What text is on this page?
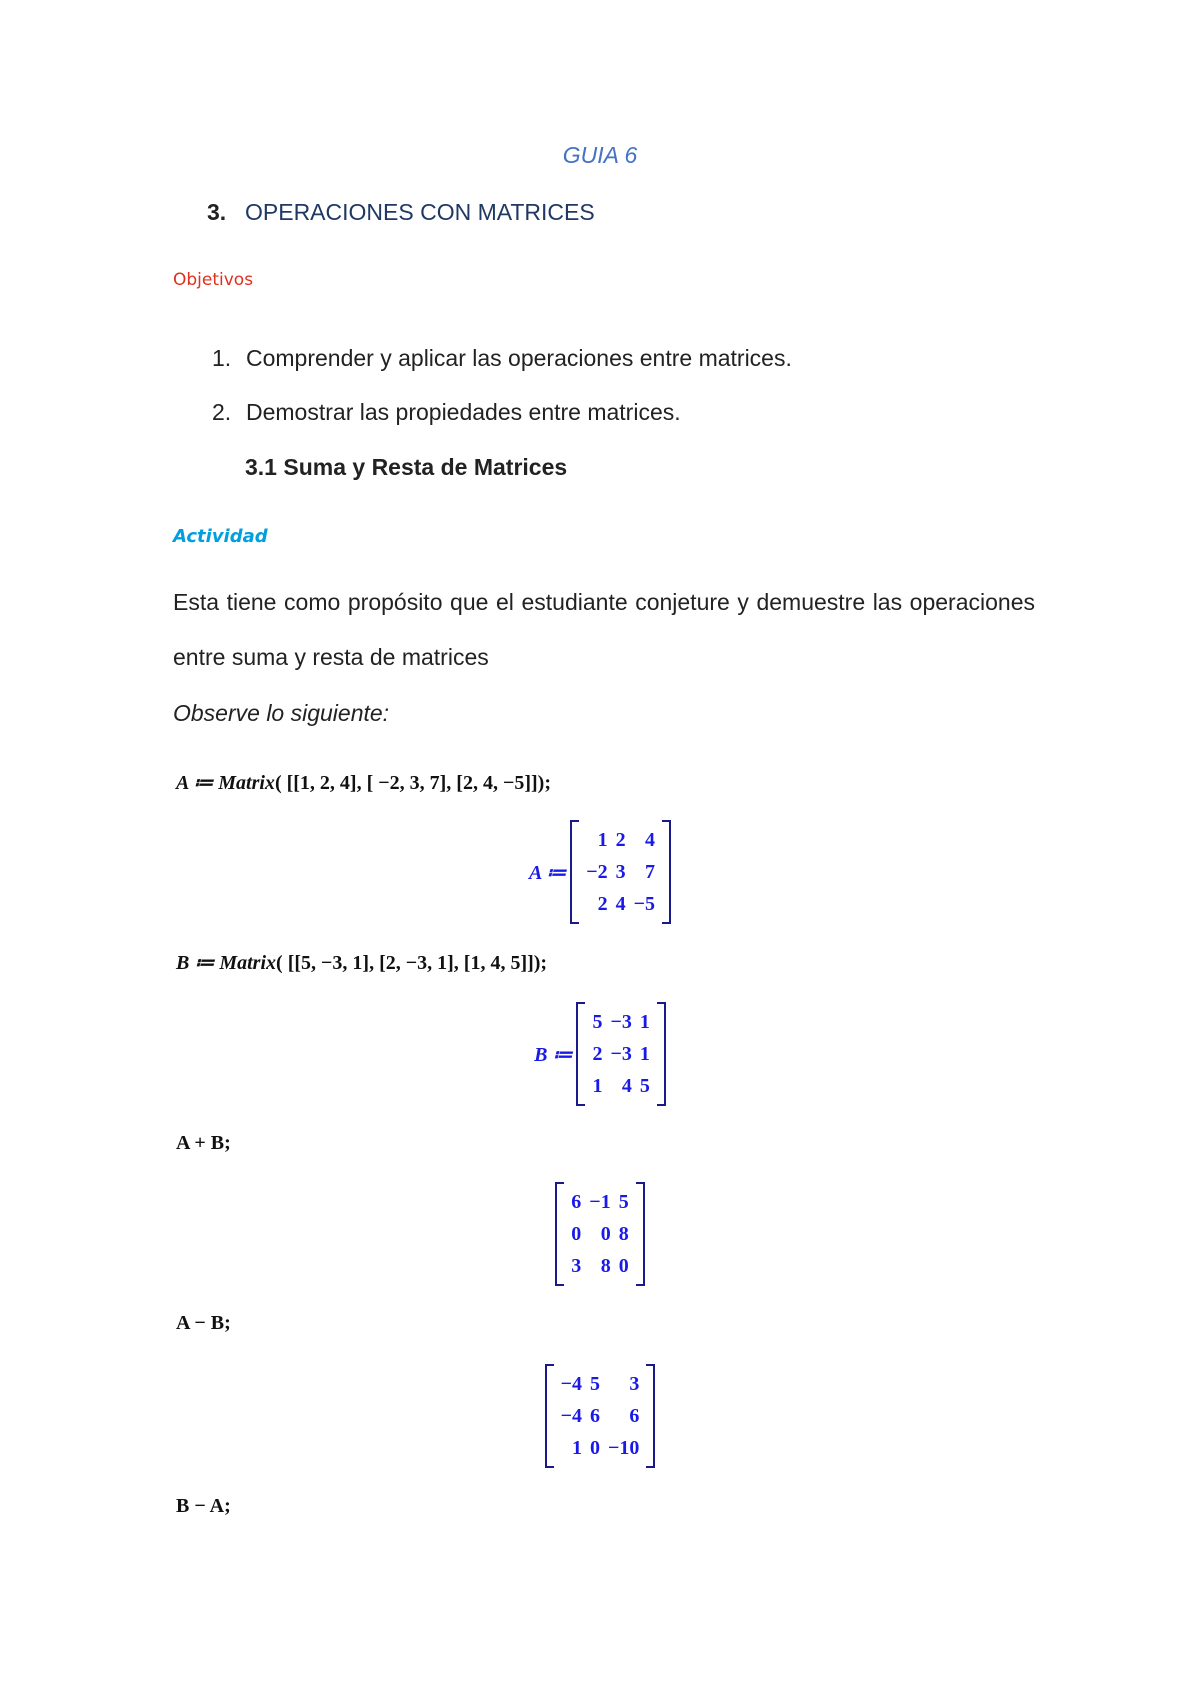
GUIA 6
3. OPERACIONES CON MATRICES
Objetivos
1. Comprender y aplicar las operaciones entre matrices.
2. Demostrar las propiedades entre matrices.
3.1 Suma y Resta de Matrices
Actividad
Esta tiene como propósito que el estudiante conjeture y demuestre las operaciones entre suma y resta de matrices
Observe lo siguiente:
A ≔ Matrix( [[1, 2, 4], [ −2, 3, 7], [2, 4, −5]]);
A ≔
1	2	4
−2	3	7
2	4	−5
B ≔ Matrix( [[5, −3, 1], [2, −3, 1], [1, 4, 5]]);
B ≔
5	−3	1
2	−3	1
1	4	5
A + B;
6	−1	5
0	0	8
3	8	0
A − B;
−4	5	3
−4	6	6
1	0	−10
B − A;
